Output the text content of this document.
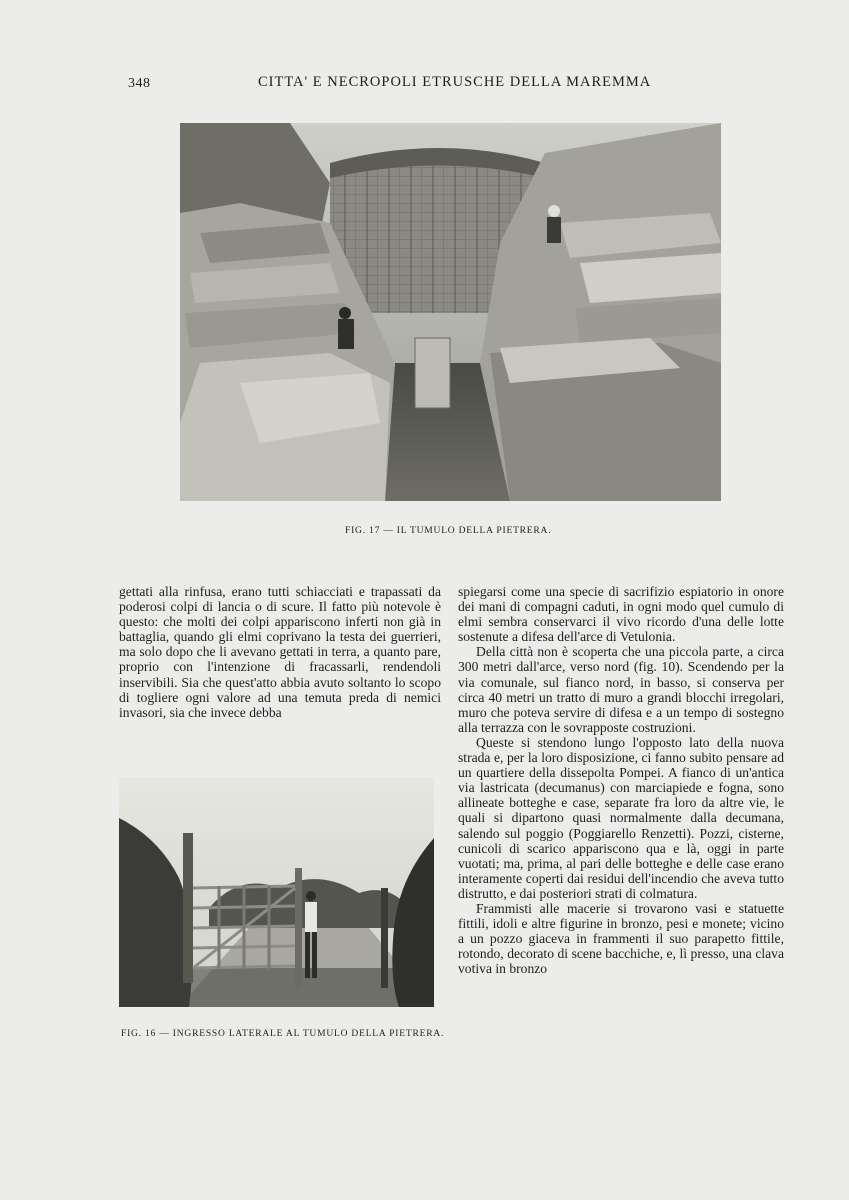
348	CITTA' E NECROPOLI ETRUSCHE DELLA MAREMMA
FIG. 17 — IL TUMULO DELLA PIETRERA.

gettati alla rinfusa, erano tutti schiacciati e trapassati da poderosi colpi di lancia o di scure. Il fatto più notevole è questo: che molti dei colpi appariscono inferti non già in battaglia, quando gli elmi coprivano la testa dei guerrieri, ma solo dopo che li avevano gettati in terra, a quanto pare, proprio con l'intenzione di fracassarli, rendendoli inservibili. Sia che quest'atto abbia avuto soltanto lo scopo di togliere ogni valore ad una temuta preda di nemici invasori, sia che invece debba

FIG. 16 — INGRESSO LATERALE AL TUMULO DELLA PIETRERA.

spiegarsi come una specie di sacrifizio espiatorio in onore dei mani di compagni caduti, in ogni modo quel cumulo di elmi sembra conservarci il vivo ricordo d'una delle lotte sostenute a difesa dell'arce di Vetulonia.

Della città non è scoperta che una piccola parte, a circa 300 metri dall'arce, verso nord (fig. 10). Scendendo per la via comunale, sul fianco nord, in basso, si conserva per circa 40 metri un tratto di muro a grandi blocchi irregolari, muro che poteva servire di difesa e a un tempo di sostegno alla terrazza con le sovrapposte costruzioni.

Queste si stendono lungo l'opposto lato della nuova strada e, per la loro disposizione, ci fanno subito pensare ad un quartiere della dissepolta Pompei. A fianco di un'antica via lastricata (decumanus) con marciapiede e fogna, sono allineate botteghe e case, separate fra loro da altre vie, le quali si dipartono quasi normalmente dalla decumana, salendo sul poggio (Poggiarello Renzetti). Pozzi, cisterne, cunicoli di scarico appariscono qua e là, oggi in parte vuotati; ma, prima, al pari delle botteghe e delle case erano interamente coperti dai residui dell'incendio che aveva tutto distrutto, e dai posteriori strati di colmatura.

Frammisti alle macerie si trovarono vasi e statuette fittili, idoli e altre figurine in bronzo, pesi e monete; vicino a un pozzo giaceva in frammenti il suo parapetto fittile, rotondo, decorato di scene bacchiche, e, lì presso, una clava votiva in bronzo
